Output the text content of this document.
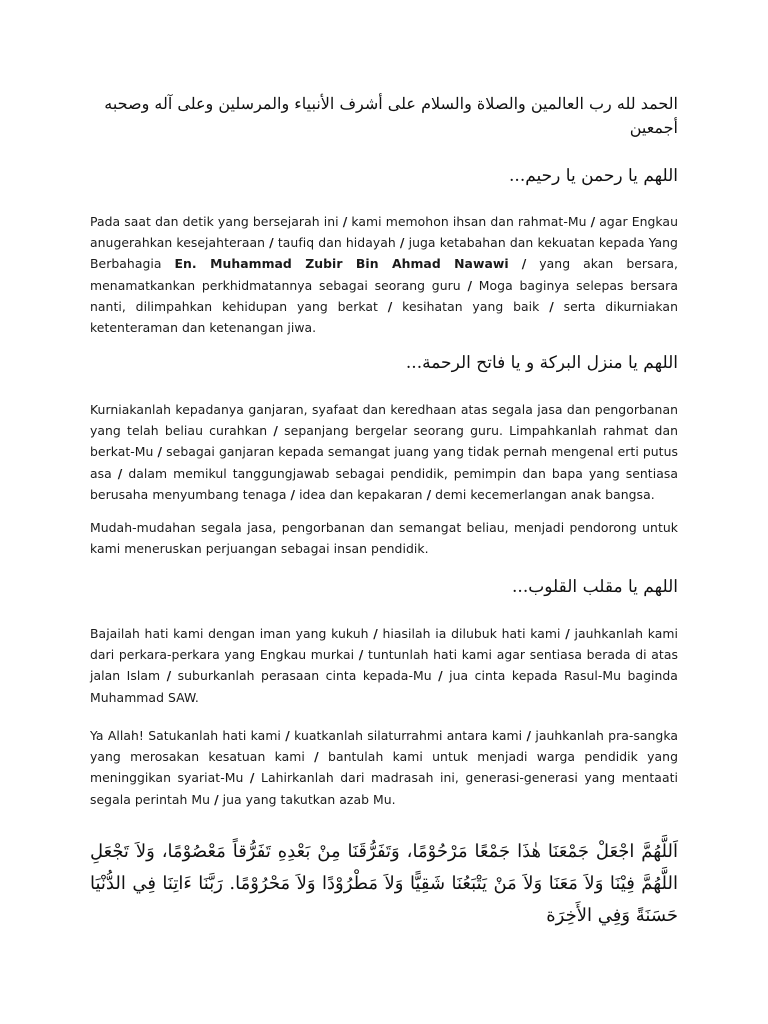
الحمد لله رب العالمين والصلاة والسلام على أشرف الأنبياء والمرسلين وعلى آله وصحبه أجمعين

اللهم يا رحمن يا رحيم...

Pada saat dan detik yang bersejarah ini / kami memohon ihsan dan rahmat-Mu / agar Engkau anugerahkan kesejahteraan / taufiq dan hidayah / juga ketabahan dan kekuatan kepada Yang Berbahagia En. Muhammad Zubir Bin Ahmad Nawawi / yang akan bersara, menamatkankan perkhidmatannya sebagai seorang guru / Moga baginya selepas bersara nanti, dilimpahkan kehidupan yang berkat / kesihatan yang baik / serta dikurniakan ketenteraman dan ketenangan jiwa.

اللهم يا منزل البركة و يا فاتح الرحمة...

Kurniakanlah kepadanya ganjaran, syafaat dan keredhaan atas segala jasa dan pengorbanan yang telah beliau curahkan / sepanjang bergelar seorang guru. Limpahkanlah rahmat dan berkat-Mu / sebagai ganjaran kepada semangat juang yang tidak pernah mengenal erti putus asa / dalam memikul tanggungjawab sebagai pendidik, pemimpin dan bapa yang sentiasa berusaha menyumbang tenaga / idea dan kepakaran / demi kecemerlangan anak bangsa.

Mudah-mudahan segala jasa, pengorbanan dan semangat beliau, menjadi pendorong untuk kami meneruskan perjuangan sebagai insan pendidik.

اللهم يا مقلب القلوب...

Bajailah hati kami dengan iman yang kukuh / hiasilah ia dilubuk hati kami / jauhkanlah kami dari perkara-perkara yang Engkau murkai / tuntunlah hati kami agar sentiasa berada di atas jalan Islam / suburkanlah perasaan cinta kepada-Mu / jua cinta kepada Rasul-Mu baginda Muhammad SAW.

Ya Allah! Satukanlah hati kami / kuatkanlah silaturrahmi antara kami / jauhkanlah pra-sangka yang merosakan kesatuan kami / bantulah kami untuk menjadi warga pendidik yang meninggikan syariat-Mu / Lahirkanlah dari madrasah ini, generasi-generasi yang mentaati segala perintah Mu / jua yang takutkan azab Mu.

اَللَّهُمَّ اجْعَلْ جَمْعَنَا هٰذَا جَمْعًا مَرْحُوْمًا، وَتَفَرُّقَنَا مِنْ بَعْدِهِ تَفَرُّقاً مَعْصُوْمًا، وَلاَ تَجْعَلِ اللَّهُمَّ فِيْنَا وَلاَ مَعَنَا وَلاَ مَنْ يَتْبَعُنَا شَقِيًّا وَلاَ مَطْرُوْدًا وَلاَ مَحْرُوْمًا. رَبَّنَا ءَاتِنَا فِي الدُّنْيَا حَسَنَةً وَفِي الأَخِرَة
